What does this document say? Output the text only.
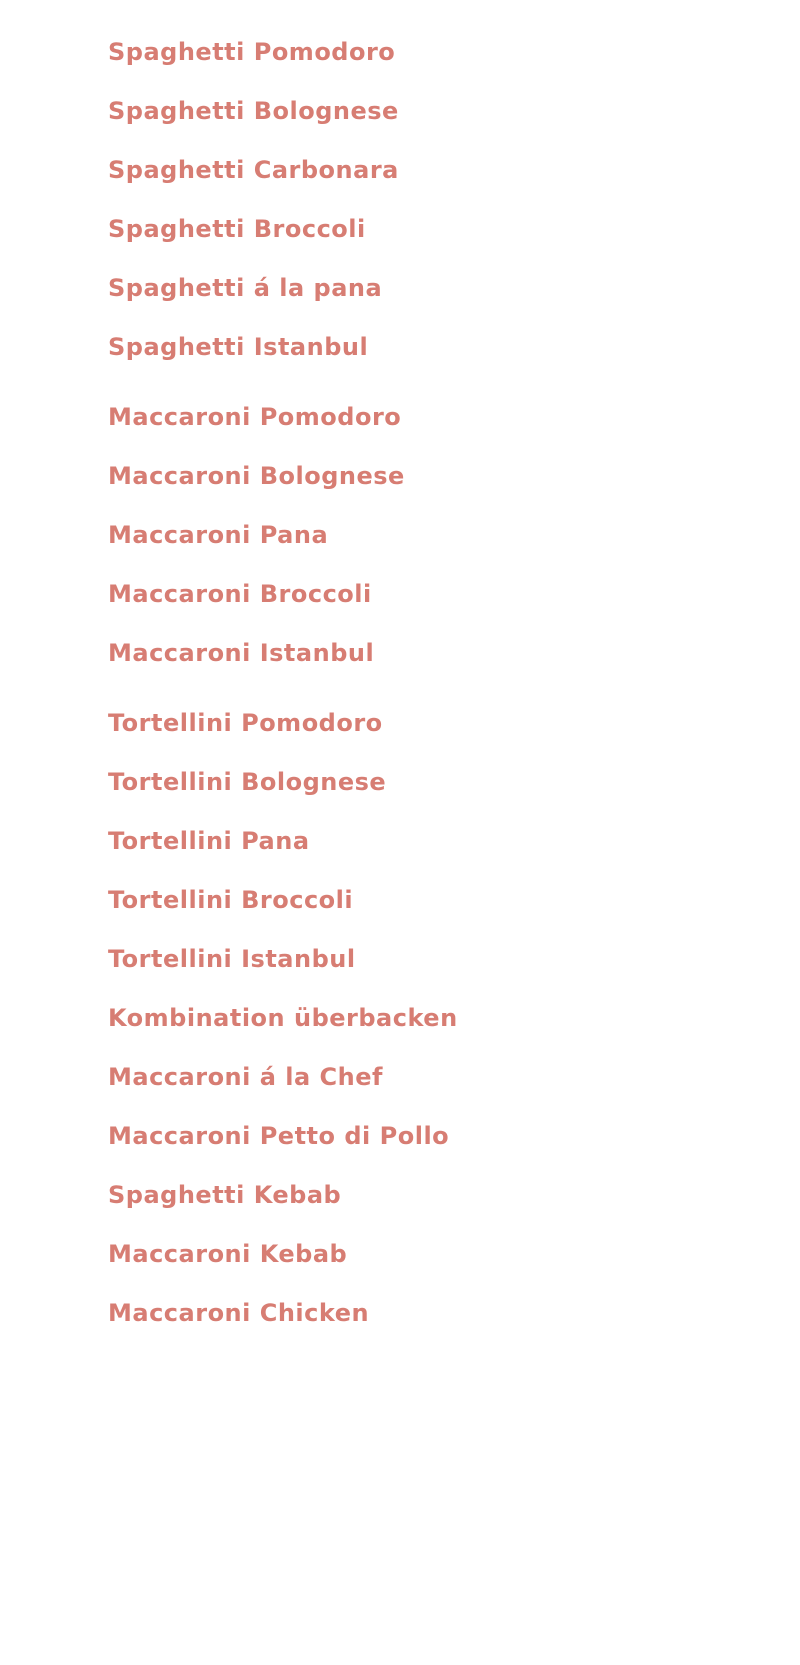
Spaghetti Pomodoro
Spaghetti Bolognese
Spaghetti Carbonara
Spaghetti Broccoli
Spaghetti á la pana
Spaghetti Istanbul
Maccaroni Pomodoro
Maccaroni Bolognese
Maccaroni Pana
Maccaroni Broccoli
Maccaroni Istanbul
Tortellini Pomodoro
Tortellini Bolognese
Tortellini Pana
Tortellini Broccoli
Tortellini Istanbul
Kombination überbacken
Maccaroni á la Chef
Maccaroni Petto di Pollo
Spaghetti Kebab
Maccaroni Kebab
Maccaroni Chicken
